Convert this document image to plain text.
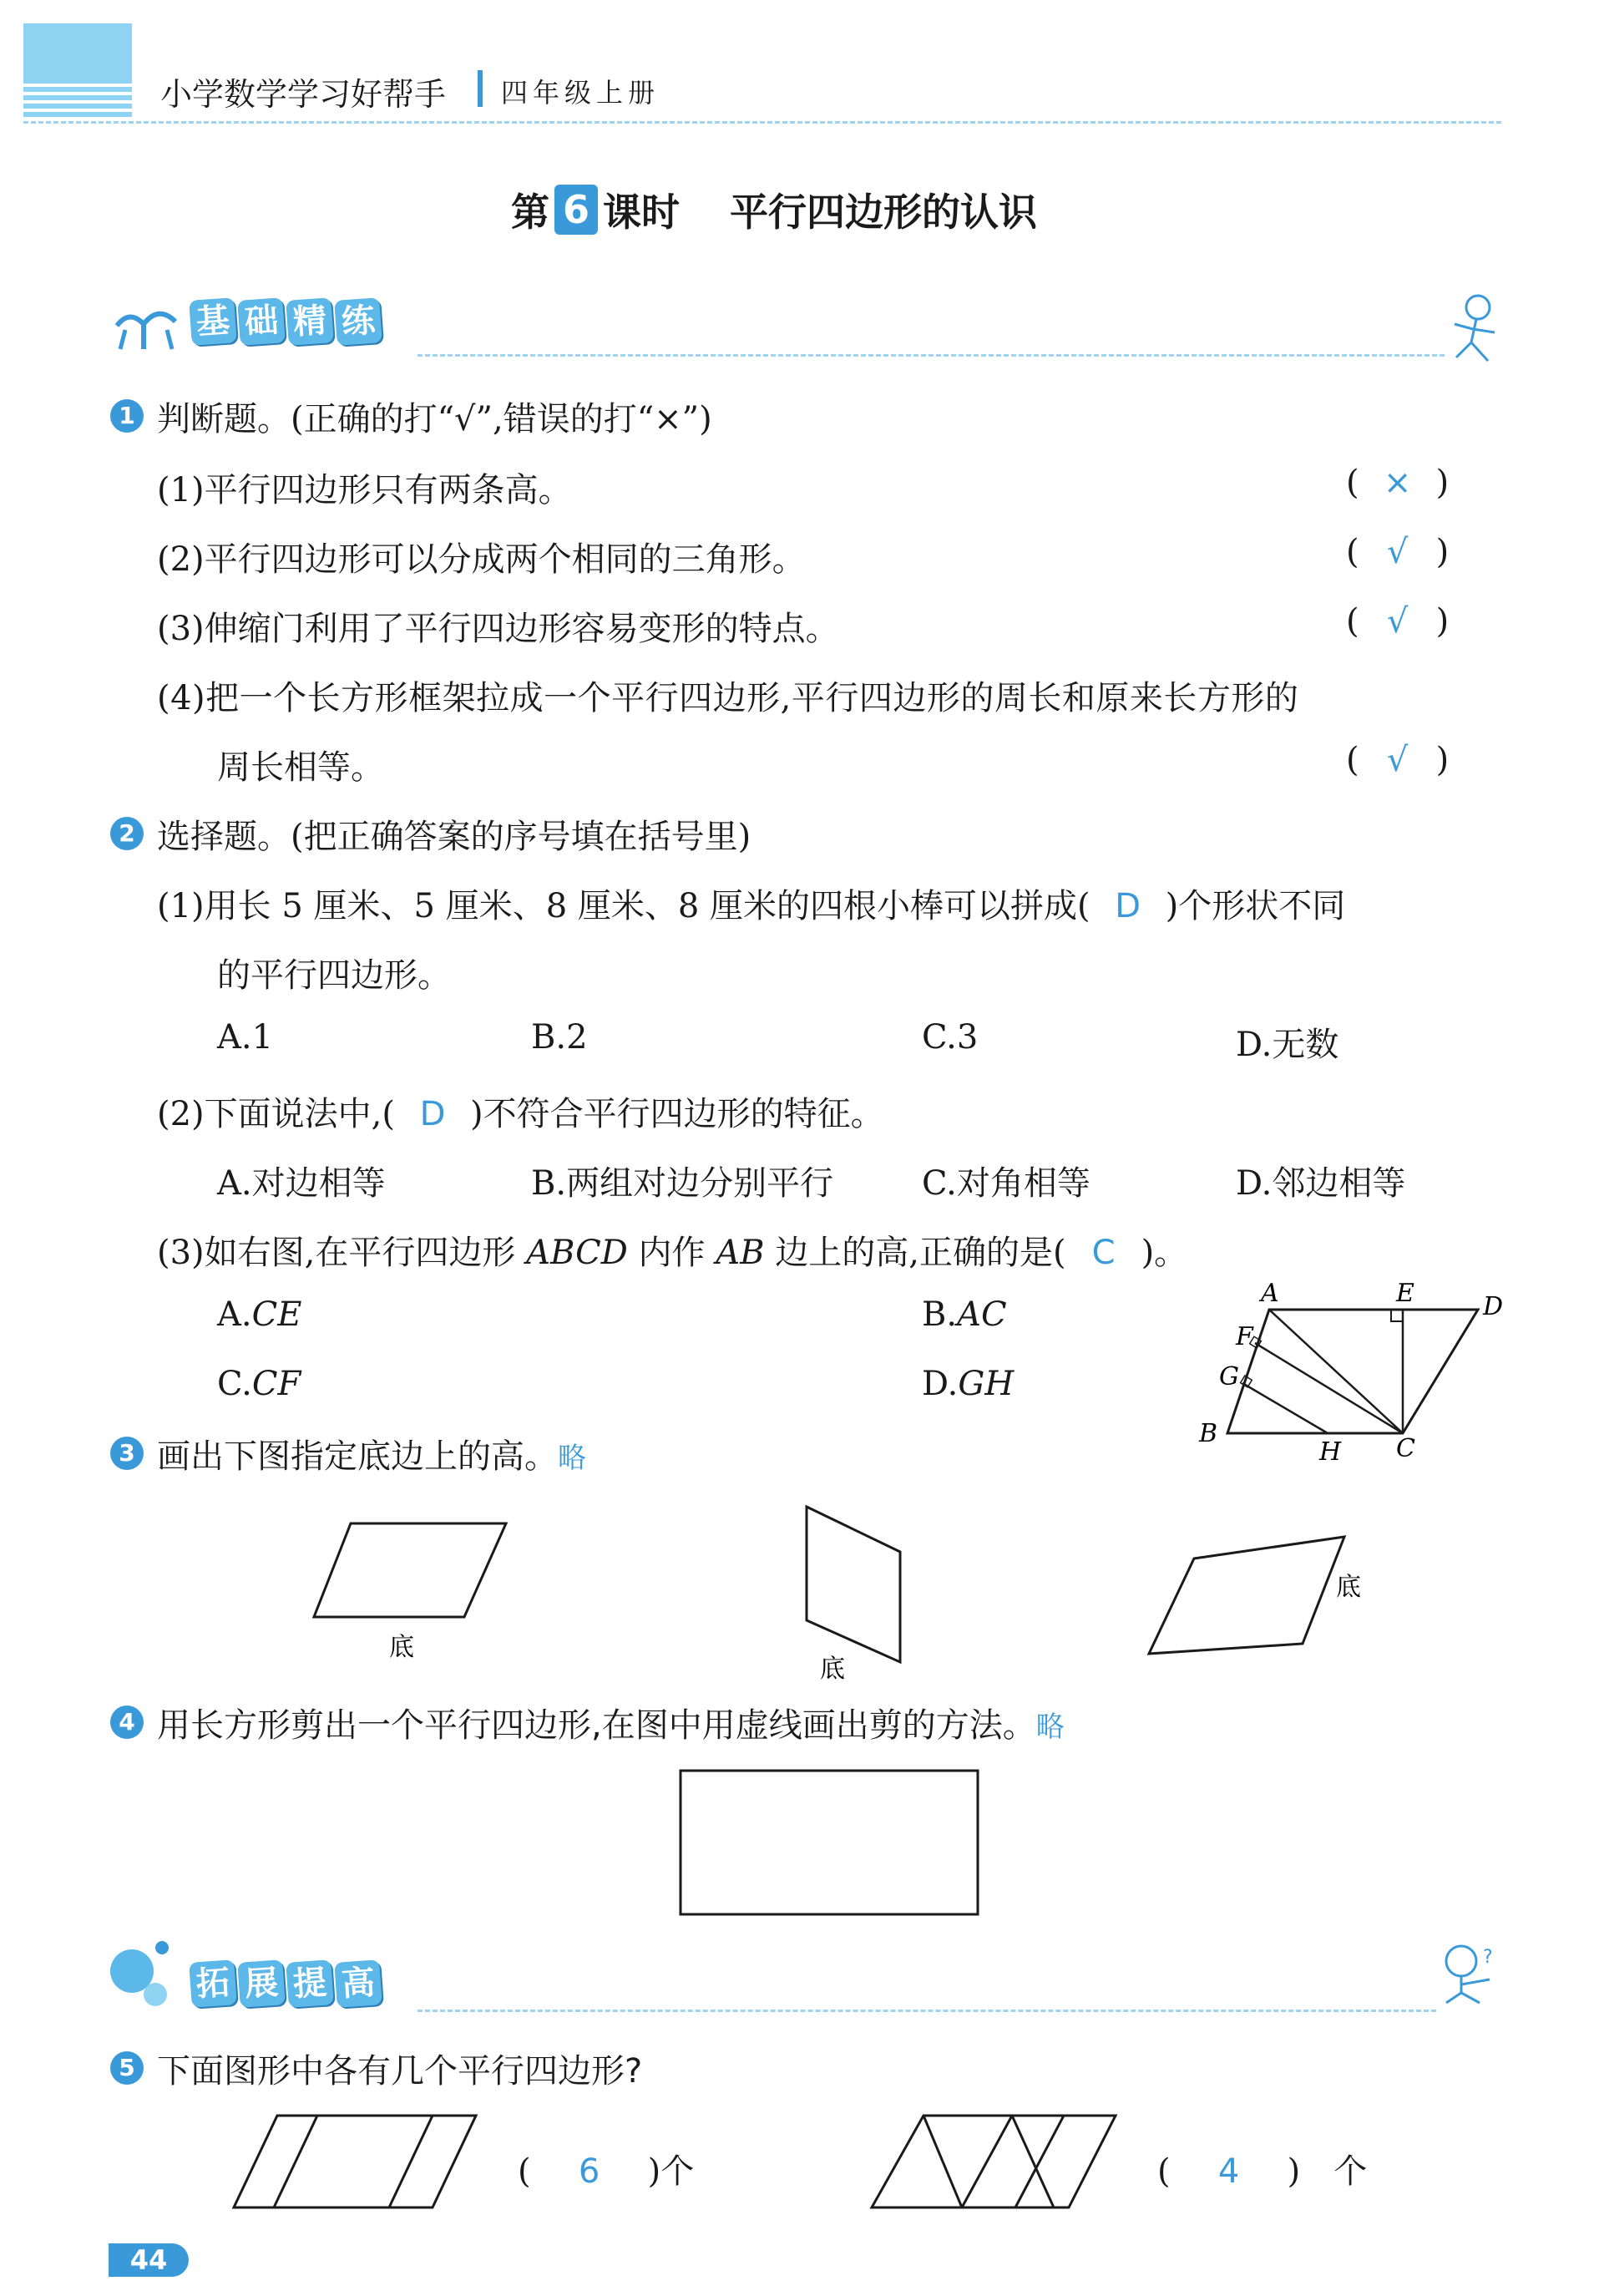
小学数学学习好帮手 四年级上册
第 6 课时 平行四边形的认识
基 础 精 练
1 判断题。(正确的打“√”,错误的打“×”)
(1)平行四边形只有两条高。	( × )
(2)平行四边形可以分成两个相同的三角形。	( √ )
(3)伸缩门利用了平行四边形容易变形的特点。	( √ )
(4)把一个长方形框架拉成一个平行四边形,平行四边形的周长和原来长方形的
周长相等。	( √ )
2 选择题。(把正确答案的序号填在括号里)
(1)用长 5 厘米、5 厘米、8 厘米、8 厘米的四根小棒可以拼成( D )个形状不同
的平行四边形。
A.1	B.2	C.3	D.无数
(2)下面说法中,( D )不符合平行四边形的特征。
A.对边相等	B.两组对边分别平行	C.对角相等	D.邻边相等
(3)如右图,在平行四边形 ABCD 内作 AB 边上的高,正确的是( C )。
A.CE	B.AC
C.CF	D.GH
A	E	D
F
G
B
H C
3 画出下图指定底边上的高。略
底
底
底
4 用长方形剪出一个平行四边形,在图中用虚线画出剪的方法。略
拓 展 提 高
?
5 下面图形中各有几个平行四边形?
( 6 )个	( 4 ) 个
44
